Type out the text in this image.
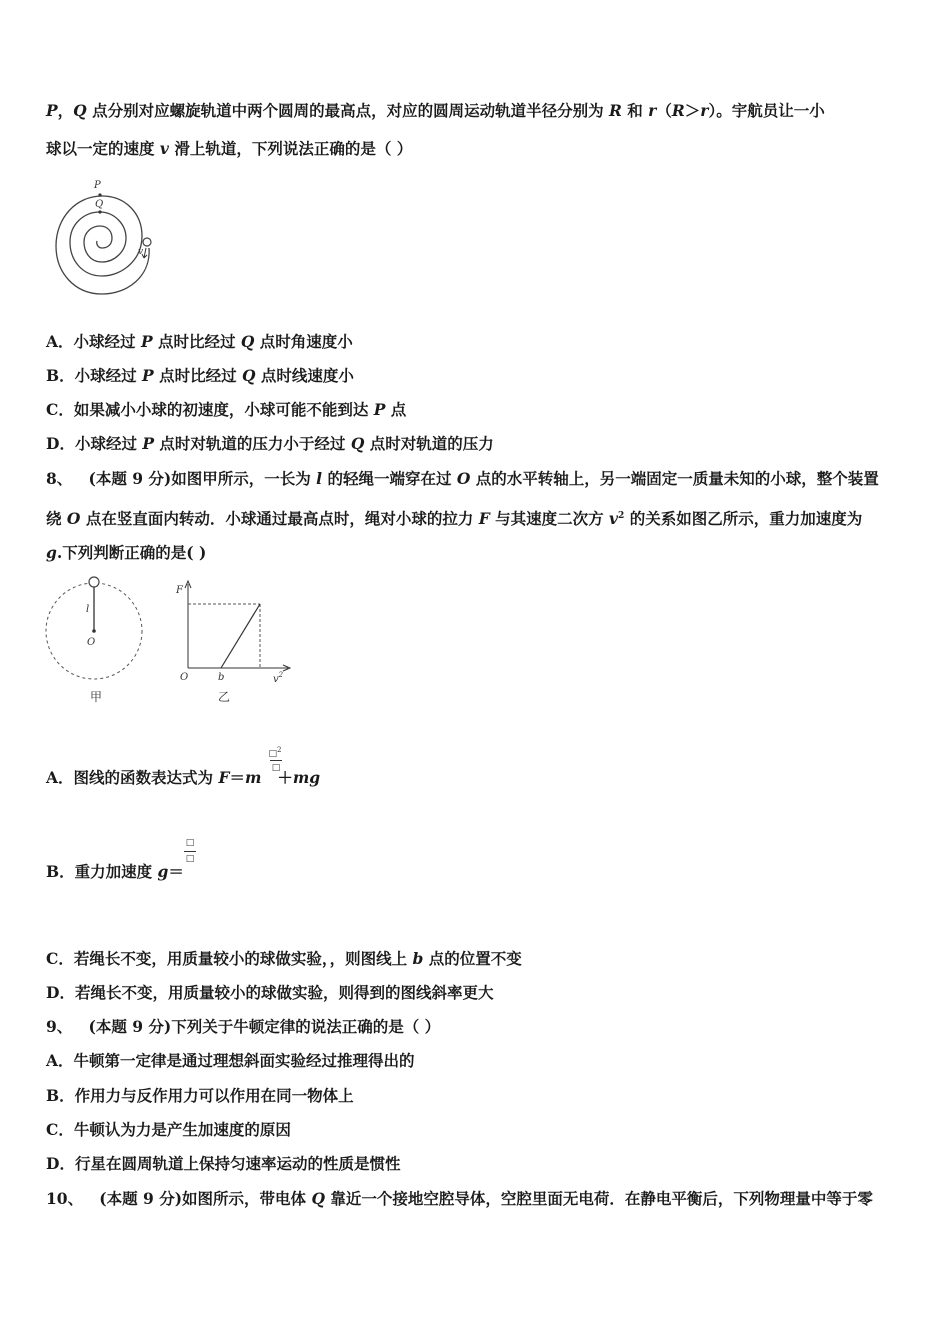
P，Q 点分别对应螺旋轨道中两个圆周的最高点，对应的圆周运动轨道半径分别为 R 和 r（R＞r）。宇航员让一小
球以一定的速度 v 滑上轨道，下列说法正确的是（ ）
P
Q
v
A．小球经过 P 点时比经过 Q 点时角速度小
B．小球经过 P 点时比经过 Q 点时线速度小
C．如果减小小球的初速度，小球可能不能到达 P 点
D．小球经过 P 点时对轨道的压力小于经过 Q 点时对轨道的压力
8、 (本题 9 分)如图甲所示，一长为 l 的轻绳一端穿在过 O 点的水平转轴上，另一端固定一质量未知的小球，整个装置
绕 O 点在竖直面内转动．小球通过最高点时，绳对小球的拉力 F 与其速度二次方 $v^2$ 的关系如图乙所示，重力加速度为
g.下列判断正确的是( )
l
O
甲
F
O	b	$v^2$
乙
A．图线的函数表达式为 F＝m ＋mg
□$^2$
□
B．重力加速度 g＝
□
□
C．若绳长不变，用质量较小的球做实验，，则图线上 b 点的位置不变
D．若绳长不变，用质量较小的球做实验，则得到的图线斜率更大
9、 (本题 9 分)下列关于牛顿定律的说法正确的是（ ）
A．牛顿第一定律是通过理想斜面实验经过推理得出的
B．作用力与反作用力可以作用在同一物体上
C．牛顿认为力是产生加速度的原因
D．行星在圆周轨道上保持匀速率运动的性质是惯性
10、 (本题 9 分)如图所示，带电体 Q 靠近一个接地空腔导体，空腔里面无电荷．在静电平衡后，下列物理量中等于零
